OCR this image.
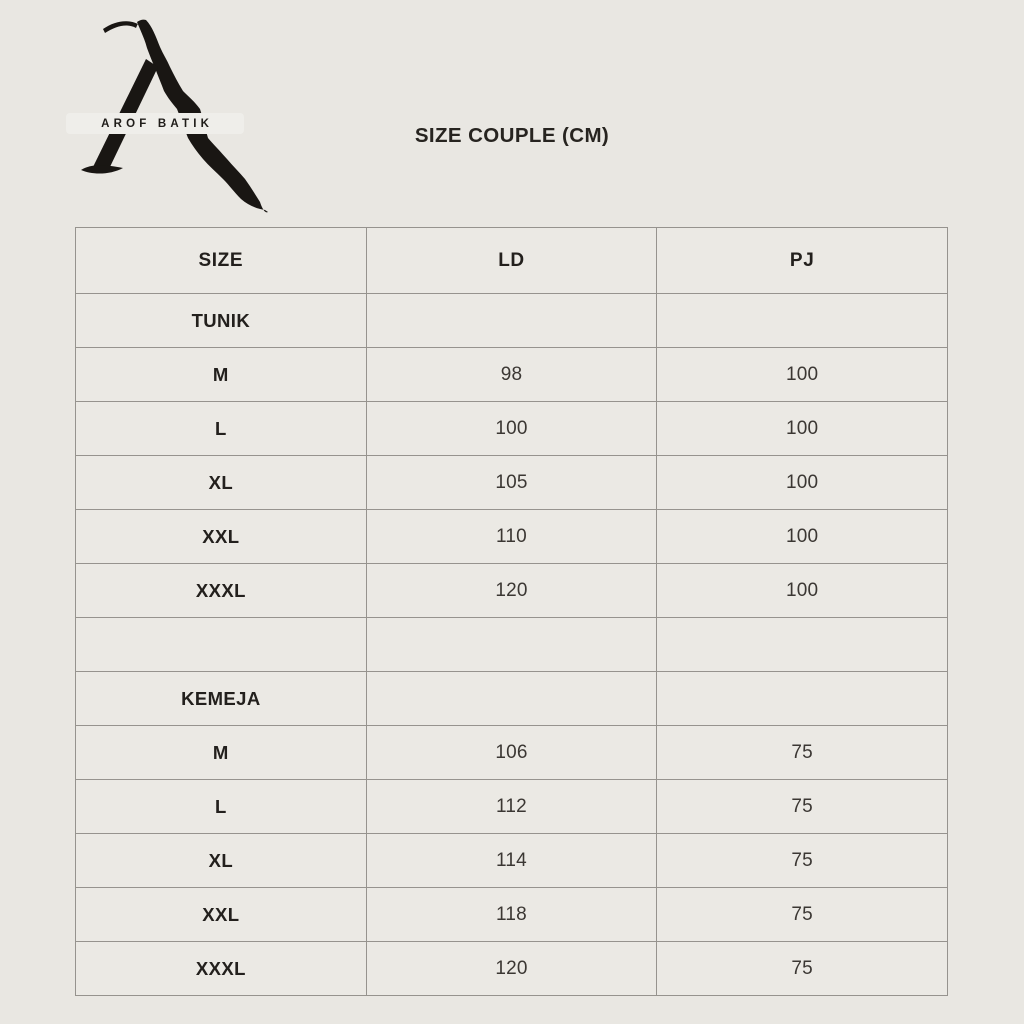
AROF BATIK
SIZE COUPLE (CM)
SIZE	LD	PJ
TUNIK		
M	98	100
L	100	100
XL	105	100
XXL	110	100
XXXL	120	100

KEMEJA		
M	106	75
L	112	75
XL	114	75
XXL	118	75
XXXL	120	75
